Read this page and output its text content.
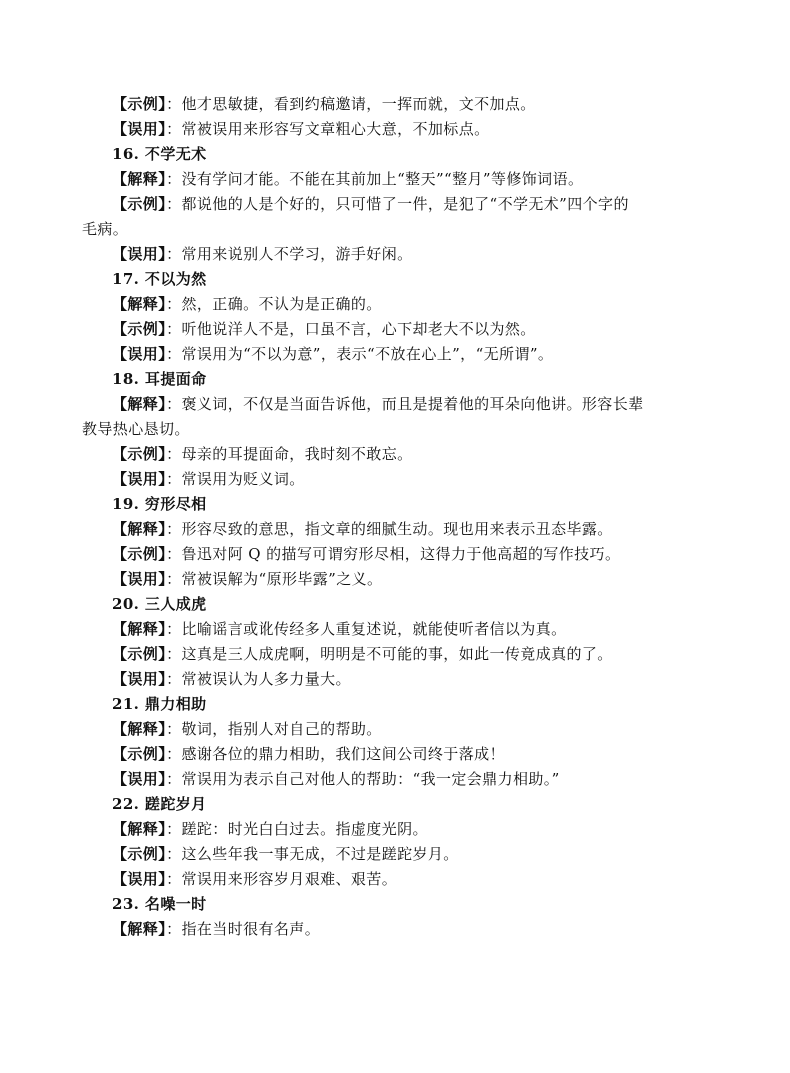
【示例】：他才思敏捷，看到约稿邀请，一挥而就，文不加点。
【误用】：常被误用来形容写文章粗心大意，不加标点。
16. 不学无术
【解释】：没有学问才能。不能在其前加上“整天”“整月”等修饰词语。
【示例】：都说他的人是个好的，只可惜了一件，是犯了“不学无术”四个字的
毛病。
【误用】：常用来说别人不学习，游手好闲。
17. 不以为然
【解释】：然，正确。不认为是正确的。
【示例】：听他说洋人不是，口虽不言，心下却老大不以为然。
【误用】：常误用为“不以为意”，表示“不放在心上”，“无所谓”。
18. 耳提面命
【解释】：褒义词，不仅是当面告诉他，而且是提着他的耳朵向他讲。形容长辈
教导热心恳切。
【示例】：母亲的耳提面命，我时刻不敢忘。
【误用】：常误用为贬义词。
19. 穷形尽相
【解释】：形容尽致的意思，指文章的细腻生动。现也用来表示丑态毕露。
【示例】：鲁迅对阿 Q 的描写可谓穷形尽相，这得力于他高超的写作技巧。
【误用】：常被误解为“原形毕露”之义。
20. 三人成虎
【解释】：比喻谣言或讹传经多人重复述说，就能使听者信以为真。
【示例】：这真是三人成虎啊，明明是不可能的事，如此一传竟成真的了。
【误用】：常被误认为人多力量大。
21. 鼎力相助
【解释】：敬词，指别人对自己的帮助。
【示例】：感谢各位的鼎力相助，我们这间公司终于落成！
【误用】：常误用为表示自己对他人的帮助：“我一定会鼎力相助。”
22. 蹉跎岁月
【解释】：蹉跎：时光白白过去。指虚度光阴。
【示例】：这么些年我一事无成，不过是蹉跎岁月。
【误用】：常误用来形容岁月艰难、艰苦。
23. 名噪一时
【解释】：指在当时很有名声。
